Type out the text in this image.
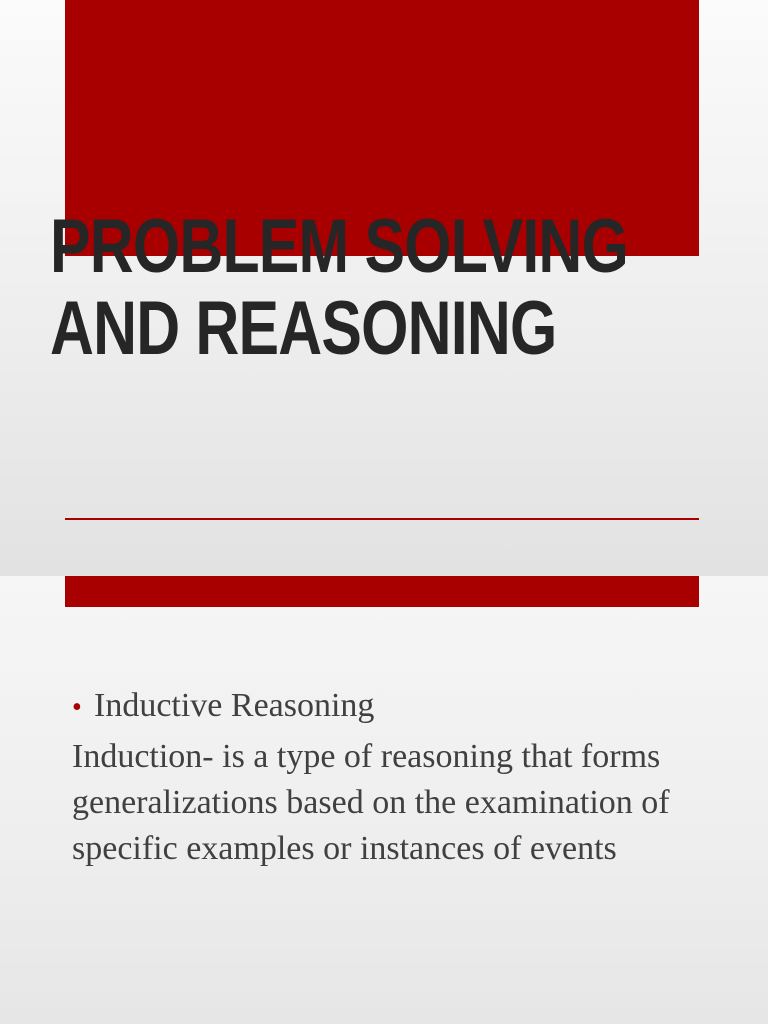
PROBLEM SOLVING
AND REASONING
• Inductive Reasoning

Induction- is a type of reasoning that forms generalizations based on the examination of specific examples or instances of events
